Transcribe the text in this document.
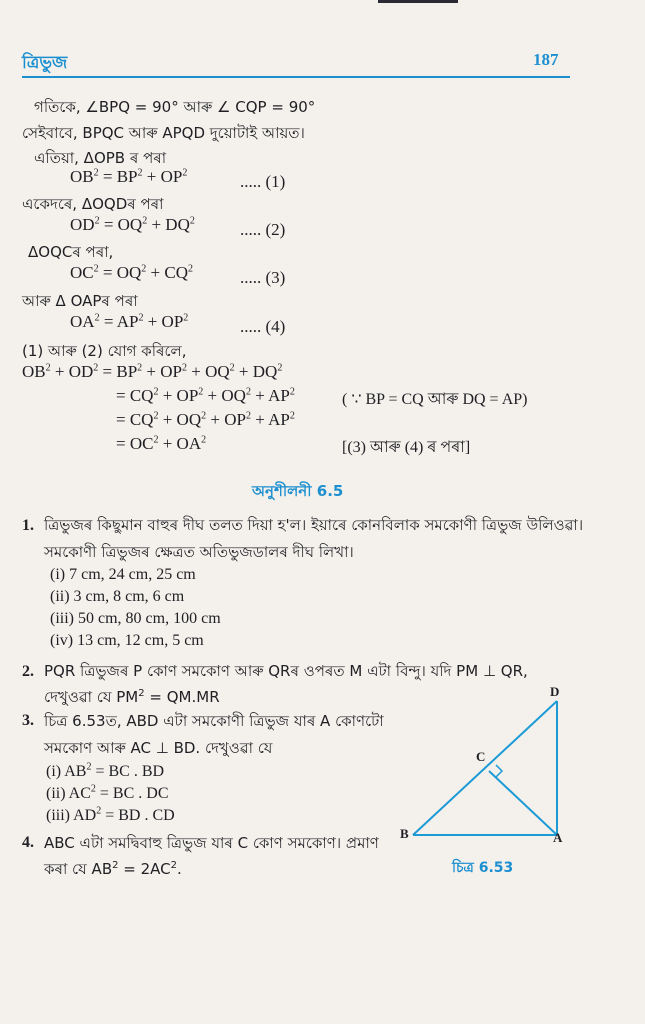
ত্ৰিভুজ	187
গতিকে, ∠BPQ = 90° আৰু ∠ CQP = 90°
সেইবাবে, BPQC আৰু APQD দুয়োটাই আয়ত।
এতিয়া, ΔOPB ৰ পৰা
$OB^2 = BP^2 + OP^2$	..... (1)
একেদৰে, ΔOQDৰ পৰা
$OD^2 = OQ^2 + DQ^2$	..... (2)
ΔOQCৰ পৰা,
$OC^2 = OQ^2 + CQ^2$	..... (3)
আৰু Δ OAPৰ পৰা
$OA^2 = AP^2 + OP^2$	..... (4)
(1) আৰু (2) যোগ কৰিলে,
$OB^2 + OD^2 = BP^2 + OP^2 + OQ^2 + DQ^2$
= $CQ^2 + OP^2 + OQ^2 + AP^2$	( ∵ BP = CQ আৰু DQ = AP)
= $CQ^2 + OQ^2 + OP^2 + AP^2$
= $OC^2 + OA^2$	[(3) আৰু (4) ৰ পৰা]
অনুশীলনী 6.5
1. ত্ৰিভুজৰ কিছুমান বাহুৰ দীঘ তলত দিয়া হ'ল। ইয়াৰে কোনবিলাক সমকোণী ত্ৰিভুজ উলিওৱা।
সমকোণী ত্ৰিভুজৰ ক্ষেত্ৰত অতিভুজডালৰ দীঘ লিখা।
(i) 7 cm, 24 cm, 25 cm
(ii) 3 cm, 8 cm, 6 cm
(iii) 50 cm, 80 cm, 100 cm
(iv) 13 cm, 12 cm, 5 cm
2. PQR ত্ৰিভুজৰ P কোণ সমকোণ আৰু QRৰ ওপৰত M এটা বিন্দু। যদি PM ⊥ QR,
দেখুওৱা যে $PM^2 = QM.MR$
3. চিত্ৰ 6.53ত, ABD এটা সমকোণী ত্ৰিভুজ যাৰ A কোণটো
সমকোণ আৰু AC ⊥ BD. দেখুওৱা যে
(i) $AB^2$ = BC . BD
(ii) $AC^2$ = BC . DC
(iii) $AD^2$ = BD . CD
4. ABC এটা সমদ্বিবাহু ত্ৰিভুজ যাৰ C কোণ সমকোণ। প্ৰমাণ
কৰা যে $AB^2 = 2AC^2$.
B	A
C
D
চিত্ৰ 6.53
